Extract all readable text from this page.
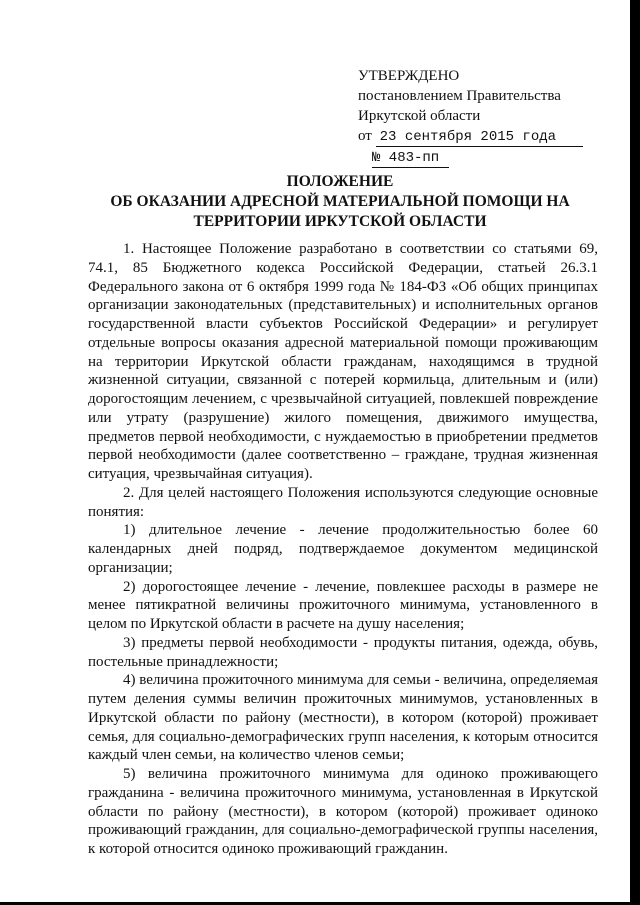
УТВЕРЖДЕНО
постановлением Правительства
Иркутской области
от 23 сентября 2015 года
№ 483-пп
ПОЛОЖЕНИЕ
ОБ ОКАЗАНИИ АДРЕСНОЙ МАТЕРИАЛЬНОЙ ПОМОЩИ НА
ТЕРРИТОРИИ ИРКУТСКОЙ ОБЛАСТИ

1. Настоящее Положение разработано в соответствии со статьями 69, 74.1, 85 Бюджетного кодекса Российской Федерации, статьей 26.3.1 Федерального закона от 6 октября 1999 года № 184-ФЗ «Об общих принципах организации законодательных (представительных) и исполнительных органов государственной власти субъектов Российской Федерации» и регулирует отдельные вопросы оказания адресной материальной помощи проживающим на территории Иркутской области гражданам, находящимся в трудной жизненной ситуации, связанной с потерей кормильца, длительным и (или) дорогостоящим лечением, с чрезвычайной ситуацией, повлекшей повреждение или утрату (разрушение) жилого помещения, движимого имущества, предметов первой необходимости, с нуждаемостью в приобретении предметов первой необходимости (далее соответственно – граждане, трудная жизненная ситуация, чрезвычайная ситуация).

2. Для целей настоящего Положения используются следующие основные понятия:

1) длительное лечение - лечение продолжительностью более 60 календарных дней подряд, подтверждаемое документом медицинской организации;

2) дорогостоящее лечение - лечение, повлекшее расходы в размере не менее пятикратной величины прожиточного минимума, установленного в целом по Иркутской области в расчете на душу населения;

3) предметы первой необходимости - продукты питания, одежда, обувь, постельные принадлежности;

4) величина прожиточного минимума для семьи - величина, определяемая путем деления суммы величин прожиточных минимумов, установленных в Иркутской области по району (местности), в котором (которой) проживает семья, для социально-демографических групп населения, к которым относится каждый член семьи, на количество членов семьи;

5) величина прожиточного минимума для одиноко проживающего гражданина - величина прожиточного минимума, установленная в Иркутской области по району (местности), в котором (которой) проживает одиноко проживающий гражданин, для социально-демографической группы населения, к которой относится одиноко проживающий гражданин.
